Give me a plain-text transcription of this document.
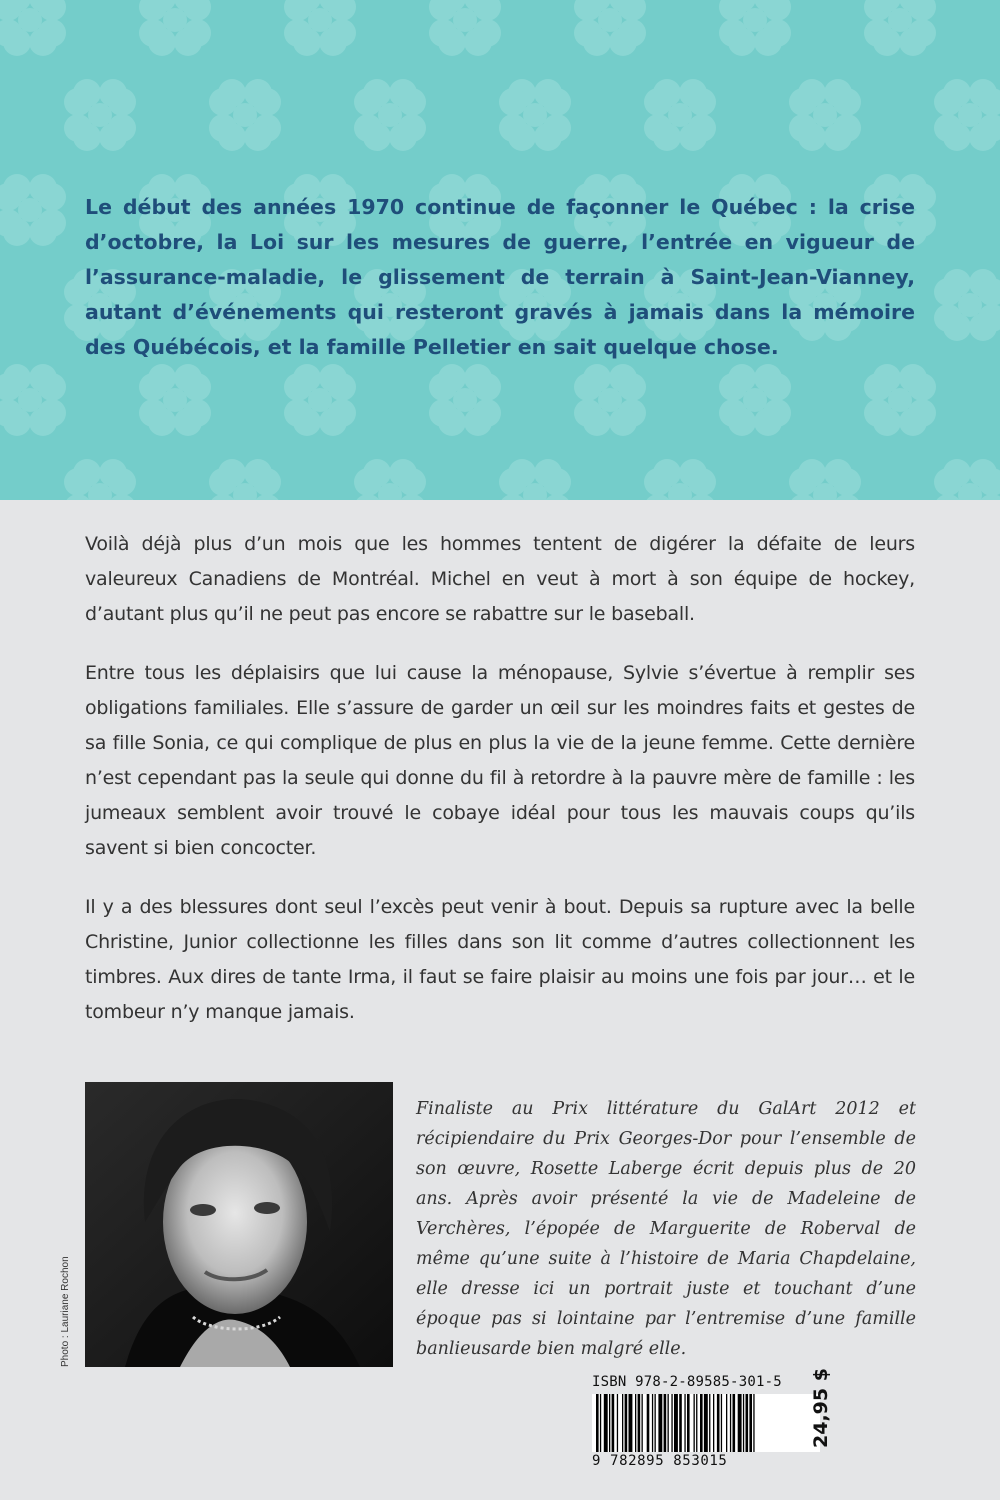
Le début des années 1970 continue de façonner le Québec : la crise d’octobre, la Loi sur les mesures de guerre, l’entrée en vigueur de l’assurance-maladie, le glissement de terrain à Saint-Jean-Vianney, autant d’événements qui resteront gravés à jamais dans la mémoire des Québécois, et la famille Pelletier en sait quelque chose.

Voilà déjà plus d’un mois que les hommes tentent de digérer la défaite de leurs valeureux Canadiens de Montréal. Michel en veut à mort à son équipe de hockey, d’autant plus qu’il ne peut pas encore se rabattre sur le baseball.

Entre tous les déplaisirs que lui cause la ménopause, Sylvie s’évertue à remplir ses obligations familiales. Elle s’assure de garder un œil sur les moindres faits et gestes de sa fille Sonia, ce qui complique de plus en plus la vie de la jeune femme. Cette dernière n’est cependant pas la seule qui donne du fil à retordre à la pauvre mère de famille : les jumeaux semblent avoir trouvé le cobaye idéal pour tous les mauvais coups qu’ils savent si bien concocter.

Il y a des blessures dont seul l’excès peut venir à bout. Depuis sa rupture avec la belle Christine, Junior collectionne les filles dans son lit comme d’autres collectionnent les timbres. Aux dires de tante Irma, il faut se faire plaisir au moins une fois par jour… et le tombeur n’y manque jamais.

Photo : Lauriane Rochon

Finaliste au Prix littérature du GalArt 2012 et récipiendaire du Prix Georges-Dor pour l’ensemble de son œuvre, Rosette Laberge écrit depuis plus de 20 ans. Après avoir présenté la vie de Madeleine de Verchères, l’épopée de Marguerite de Roberval de même qu’une suite à l’histoire de Maria Chapdelaine, elle dresse ici un portrait juste et touchant d’une époque pas si lointaine par l’entremise d’une famille banlieusarde bien malgré elle.

ISBN 978-2-89585-301-5
9 782895 853015
24,95 $
